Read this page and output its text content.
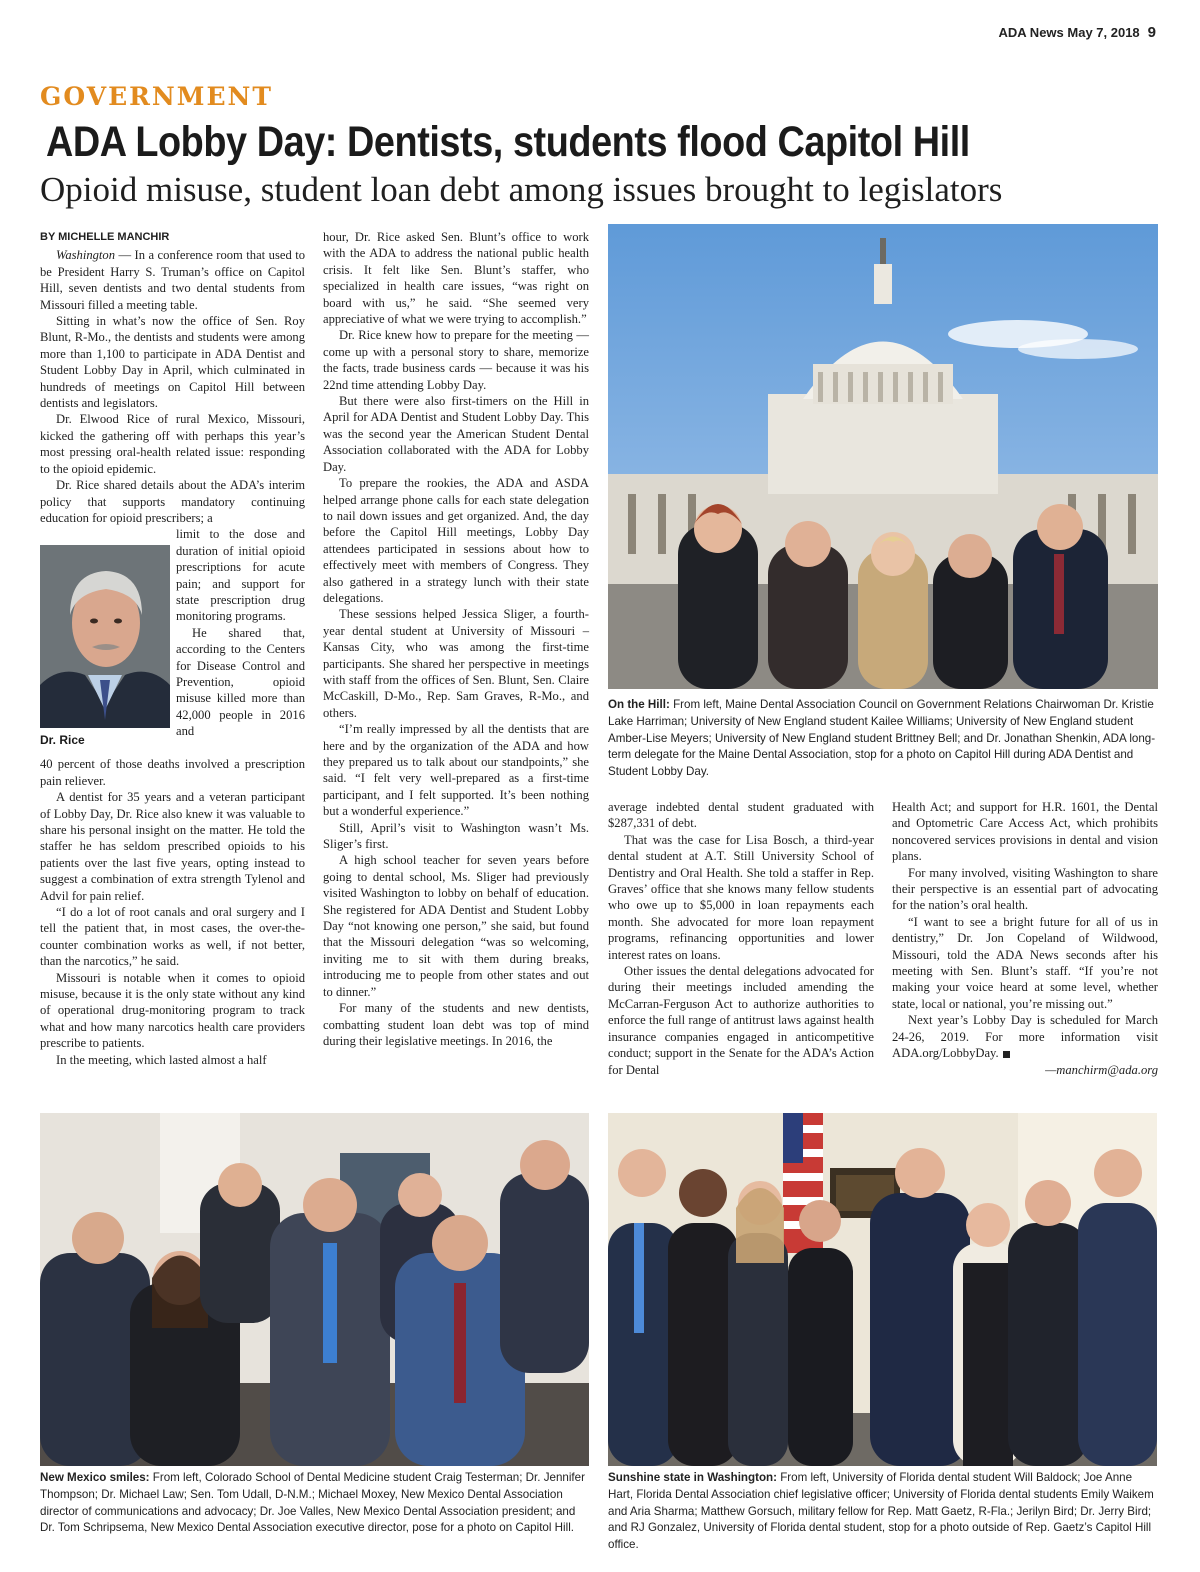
ADA News May 7, 2018 9
GOVERNMENT
ADA Lobby Day: Dentists, students flood Capitol Hill
Opioid misuse, student loan debt among issues brought to legislators

BY MICHELLE MANCHIR

Washington — In a conference room that used to be President Harry S. Truman’s office on Capitol Hill, seven dentists and two dental students from Missouri filled a meeting table.

Sitting in what’s now the office of Sen. Roy Blunt, R-Mo., the dentists and students were among more than 1,100 to participate in ADA Dentist and Student Lobby Day in April, which culminated in hundreds of meetings on Capitol Hill between dentists and legislators.

Dr. Elwood Rice of rural Mexico, Missouri, kicked the gathering off with perhaps this year’s most pressing oral-health related issue: responding to the opioid epidemic.

Dr. Rice shared details about the ADA’s interim policy that supports mandatory continuing education for opioid prescribers; a

limit to the dose and duration of initial opioid prescriptions for acute pain; and support for state prescription drug monitoring programs.

He shared that, according to the Centers for Disease Control and Prevention, opioid misuse killed more than 42,000 people in 2016 and

40 percent of those deaths involved a prescription pain reliever.

A dentist for 35 years and a veteran participant of Lobby Day, Dr. Rice also knew it was valuable to share his personal insight on the matter. He told the staffer he has seldom prescribed opioids to his patients over the last five years, opting instead to suggest a combination of extra strength Tylenol and Advil for pain relief.

“I do a lot of root canals and oral surgery and I tell the patient that, in most cases, the over-the-counter combination works as well, if not better, than the narcotics,” he said.

Missouri is notable when it comes to opioid misuse, because it is the only state without any kind of operational drug-monitoring program to track what and how many narcotics health care providers prescribe to patients.

In the meeting, which lasted almost a half

Dr. Rice

hour, Dr. Rice asked Sen. Blunt’s office to work with the ADA to address the national public health crisis. It felt like Sen. Blunt’s staffer, who specialized in health care issues, “was right on board with us,” he said. “She seemed very appreciative of what we were trying to accomplish.”

Dr. Rice knew how to prepare for the meeting — come up with a personal story to share, memorize the facts, trade business cards — because it was his 22nd time attending Lobby Day.

But there were also first-timers on the Hill in April for ADA Dentist and Student Lobby Day. This was the second year the American Student Dental Association collaborated with the ADA for Lobby Day.

To prepare the rookies, the ADA and ASDA helped arrange phone calls for each state delegation to nail down issues and get organized. And, the day before the Capitol Hill meetings, Lobby Day attendees participated in sessions about how to effectively meet with members of Congress. They also gathered in a strategy lunch with their state delegations.

These sessions helped Jessica Sliger, a fourth-year dental student at University of Missouri – Kansas City, who was among the first-time participants. She shared her perspective in meetings with staff from the offices of Sen. Blunt, Sen. Claire McCaskill, D-Mo., Rep. Sam Graves, R-Mo., and others.

“I’m really impressed by all the dentists that are here and by the organization of the ADA and how they prepared us to talk about our standpoints,” she said. “I felt very well-prepared as a first-time participant, and I felt supported. It’s been nothing but a wonderful experience.”

Still, April’s visit to Washington wasn’t Ms. Sliger’s first.

A high school teacher for seven years before going to dental school, Ms. Sliger had previously visited Washington to lobby on behalf of education. She registered for ADA Dentist and Student Lobby Day “not knowing one person,” she said, but found that the Missouri delegation “was so welcoming, inviting me to sit with them during breaks, introducing me to people from other states and out to dinner.”

For many of the students and new dentists, combatting student loan debt was top of mind during their legislative meetings. In 2016, the

On the Hill: From left, Maine Dental Association Council on Government Relations Chairwoman Dr. Kristie Lake Harriman; University of New England student Kailee Williams; University of New England student Amber-Lise Meyers; University of New England student Brittney Bell; and Dr. Jonathan Shenkin, ADA long-term delegate for the Maine Dental Association, stop for a photo on Capitol Hill during ADA Dentist and Student Lobby Day.

average indebted dental student graduated with $287,331 of debt.

That was the case for Lisa Bosch, a third-year dental student at A.T. Still University School of Dentistry and Oral Health. She told a staffer in Rep. Graves’ office that she knows many fellow students who owe up to $5,000 in loan repayments each month. She advocated for more loan repayment programs, refinancing opportunities and lower interest rates on loans.

Other issues the dental delegations advocated for during their meetings included amending the McCarran-Ferguson Act to authorize authorities to enforce the full range of antitrust laws against health insurance companies engaged in anticompetitive conduct; support in the Senate for the ADA’s Action for Dental

Health Act; and support for H.R. 1601, the Dental and Optometric Care Access Act, which prohibits noncovered services provisions in dental and vision plans.

For many involved, visiting Washington to share their perspective is an essential part of advocating for the nation’s oral health.

“I want to see a bright future for all of us in dentistry,” Dr. Jon Copeland of Wildwood, Missouri, told the ADA News seconds after his meeting with Sen. Blunt’s staff. “If you’re not making your voice heard at some level, whether state, local or national, you’re missing out.”

Next year’s Lobby Day is scheduled for March 24-26, 2019. For more information visit ADA.org/LobbyDay.

—manchirm@ada.org

New Mexico smiles: From left, Colorado School of Dental Medicine student Craig Testerman; Dr. Jennifer Thompson; Dr. Michael Law; Sen. Tom Udall, D-N.M.; Michael Moxey, New Mexico Dental Association director of communications and advocacy; Dr. Joe Valles, New Mexico Dental Association president; and Dr. Tom Schripsema, New Mexico Dental Association executive director, pose for a photo on Capitol Hill.
Sunshine state in Washington: From left, University of Florida dental student Will Baldock; Joe Anne Hart, Florida Dental Association chief legislative officer; University of Florida dental students Emily Waikem and Aria Sharma; Matthew Gorsuch, military fellow for Rep. Matt Gaetz, R-Fla.; Jerilyn Bird; Dr. Jerry Bird; and RJ Gonzalez, University of Florida dental student, stop for a photo outside of Rep. Gaetz’s Capitol Hill office.
